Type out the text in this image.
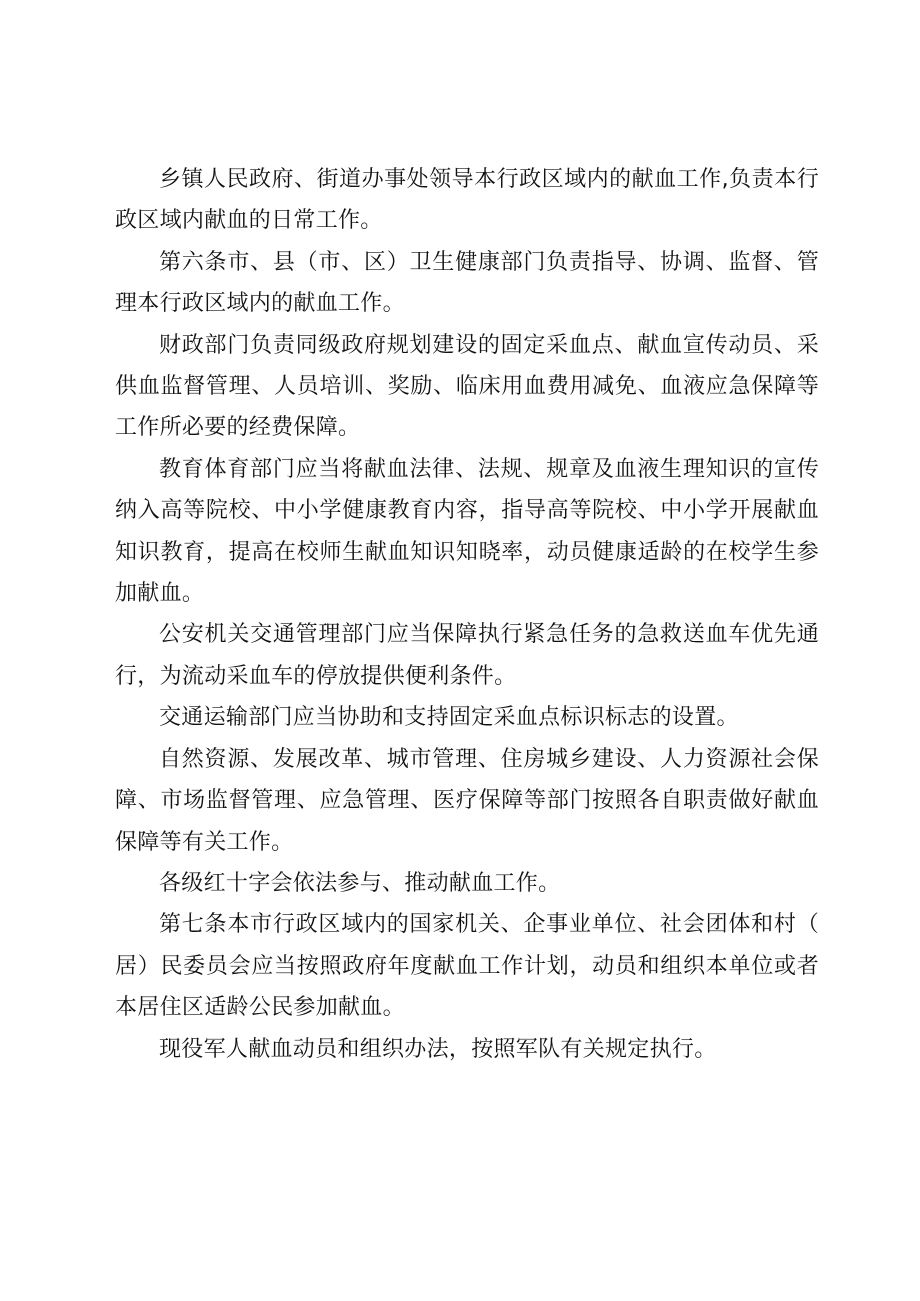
乡镇人民政府、街道办事处领导本行政区域内的献血工作,负责本行政区域内献血的日常工作。

第六条市、县（市、区）卫生健康部门负责指导、协调、监督、管理本行政区域内的献血工作。

财政部门负责同级政府规划建设的固定采血点、献血宣传动员、采供血监督管理、人员培训、奖励、临床用血费用减免、血液应急保障等工作所必要的经费保障。

教育体育部门应当将献血法律、法规、规章及血液生理知识的宣传纳入高等院校、中小学健康教育内容，指导高等院校、中小学开展献血知识教育，提高在校师生献血知识知晓率，动员健康适龄的在校学生参加献血。

公安机关交通管理部门应当保障执行紧急任务的急救送血车优先通行，为流动采血车的停放提供便利条件。

交通运输部门应当协助和支持固定采血点标识标志的设置。

自然资源、发展改革、城市管理、住房城乡建设、人力资源社会保障、市场监督管理、应急管理、医疗保障等部门按照各自职责做好献血保障等有关工作。

各级红十字会依法参与、推动献血工作。

第七条本市行政区域内的国家机关、企事业单位、社会团体和村（居）民委员会应当按照政府年度献血工作计划，动员和组织本单位或者本居住区适龄公民参加献血。

现役军人献血动员和组织办法，按照军队有关规定执行。
